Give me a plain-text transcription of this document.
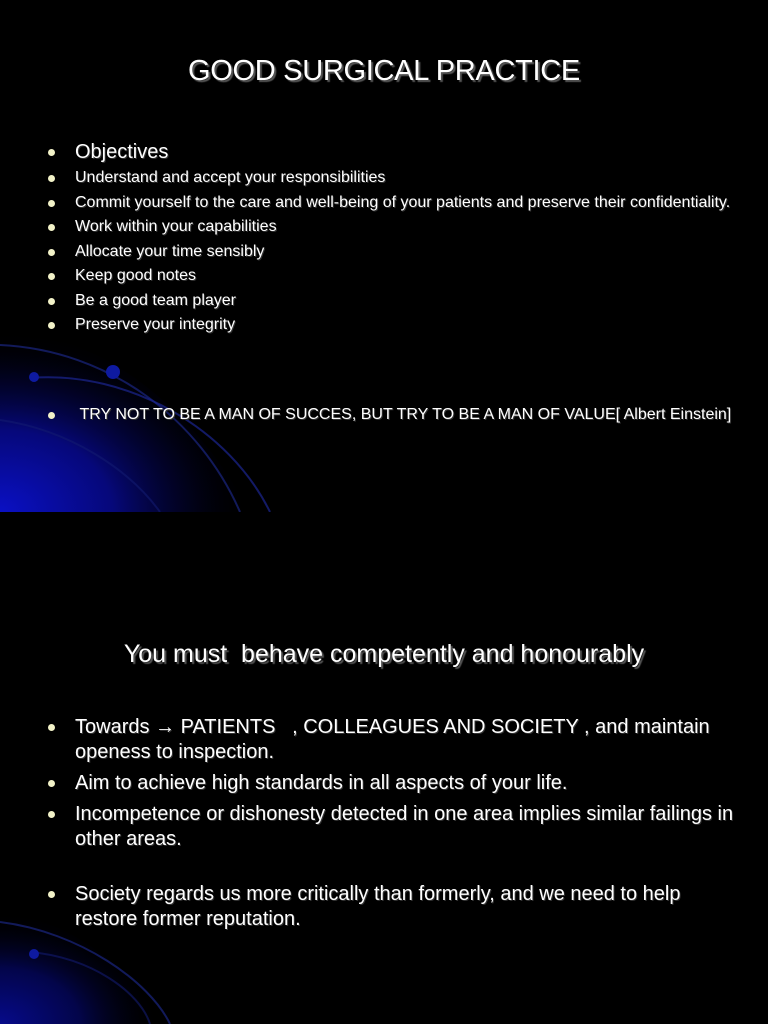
GOOD SURGICAL PRACTICE
Objectives
Understand and accept your responsibilities
Commit yourself to the care and well-being of your patients and preserve their confidentiality.
Work within your capabilities
Allocate your time sensibly
Keep good notes
Be a good team player
Preserve your integrity
TRY NOT TO BE A MAN OF SUCCES, BUT TRY TO BE A MAN OF VALUE[ Albert Einstein]
You must  behave competently and honourably
Towards → PATIENTS   , COLLEAGUES AND SOCIETY , and maintain openess to inspection.
Aim to achieve high standards in all aspects of your life.
Incompetence or dishonesty detected in one area implies similar failings in other areas.
Society regards us more critically than formerly, and we need to help restore former reputation.
